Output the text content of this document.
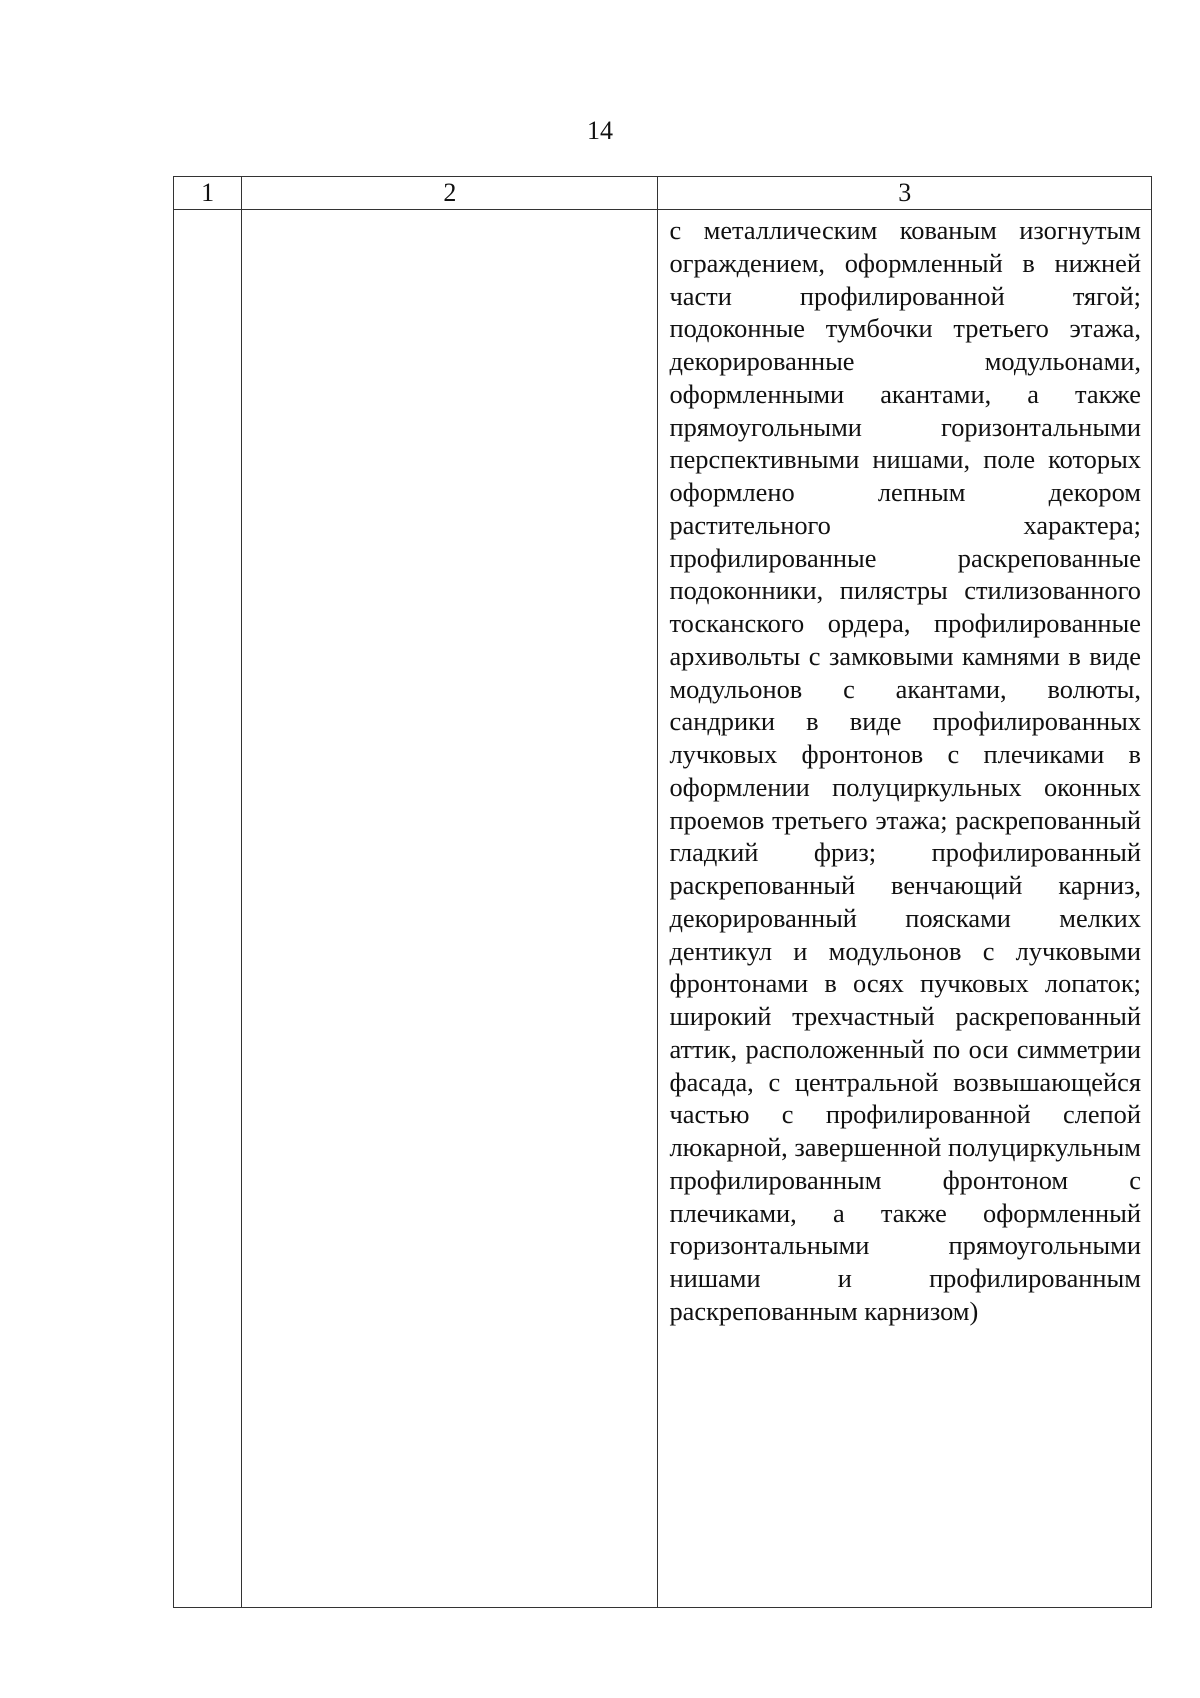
14
1	2	3

		с металлическим кованым изогнутым ограждением, оформленный в нижней части профилированной тягой; подоконные тумбочки третьего этажа, декорированные модульонами, оформленными акантами, а также прямоугольными горизонтальными перспективными нишами, поле которых оформлено лепным декором растительного характера; профилированные раскрепованные подоконники, пилястры стилизованного тосканского ордера, профилированные архивольты с замковыми камнями в виде модульонов с акантами, волюты, сандрики в виде профилированных лучковых фронтонов с плечиками в оформлении полуциркульных оконных проемов третьего этажа; раскрепованный гладкий фриз; профилированный раскрепованный венчающий карниз, декорированный поясками мелких дентикул и модульонов с лучковыми фронтонами в осях пучковых лопаток; широкий трехчастный раскрепованный аттик, расположенный по оси симметрии фасада, с центральной возвышающейся частью с профилированной слепой люкарной, завершенной полуциркульным профилированным фронтоном с плечиками, а также оформленный горизонтальными прямоугольными нишами и профилированным раскрепованным карнизом)
